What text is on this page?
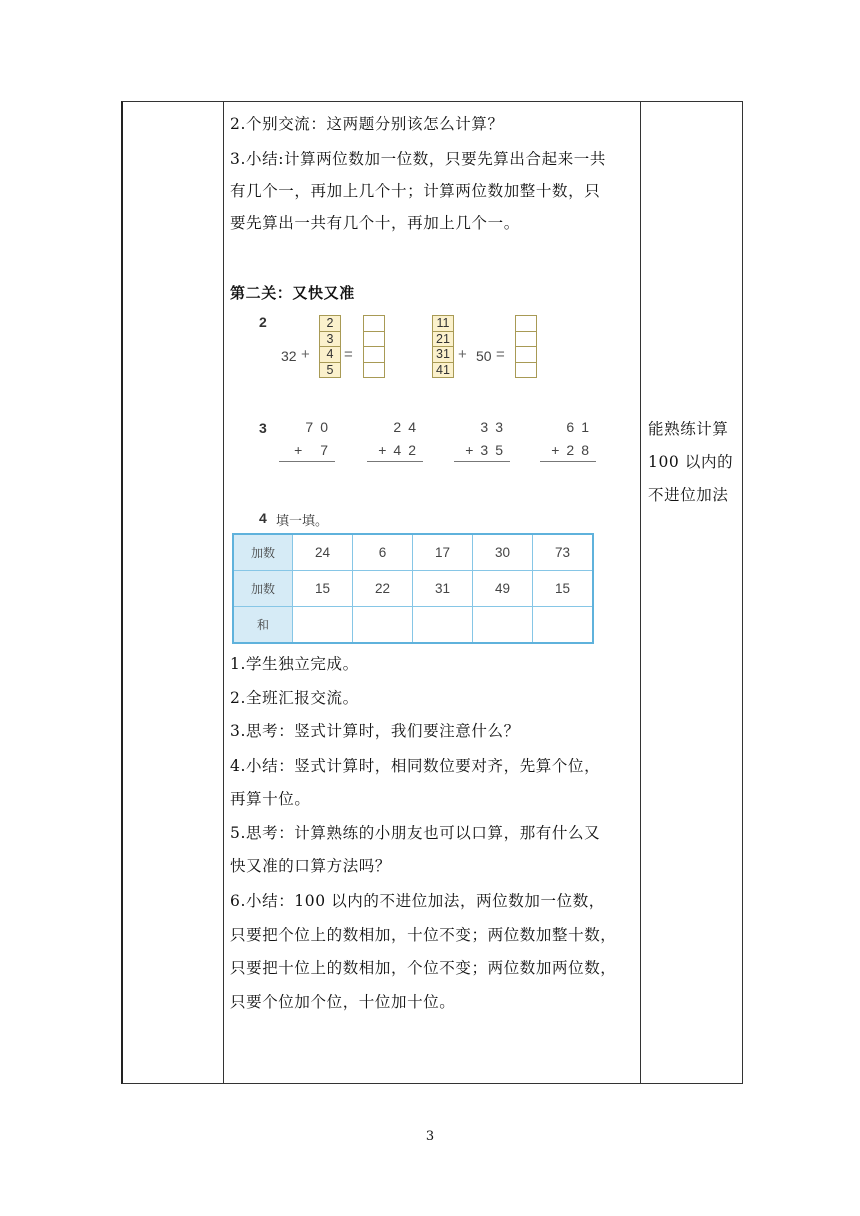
2.个别交流：这两题分别该怎么计算？
3.小结:计算两位数加一位数，只要先算出合起来一共
有几个一，再加上几个十；计算两位数加整十数，只
要先算出一共有几个十，再加上几个一。
第二关：又快又准
2
32 +
2
3
4
5
=
11
21
31
41
+ 50 =
3	70
+ 7
24
+42
33
+35
61
+28
4 填一填。
加数	24	6	17	30	73
加数	15	22	31	49	15
和					
1.学生独立完成。
2.全班汇报交流。
3.思考：竖式计算时，我们要注意什么？
4.小结：竖式计算时，相同数位要对齐，先算个位，
再算十位。
5.思考：计算熟练的小朋友也可以口算，那有什么又
快又准的口算方法吗？
6.小结：100 以内的不进位加法，两位数加一位数，
只要把个位上的数相加，十位不变；两位数加整十数，
只要把十位上的数相加，个位不变；两位数加两位数，
只要个位加个位，十位加十位。
能熟练计算
100 以内的
不进位加法
3
